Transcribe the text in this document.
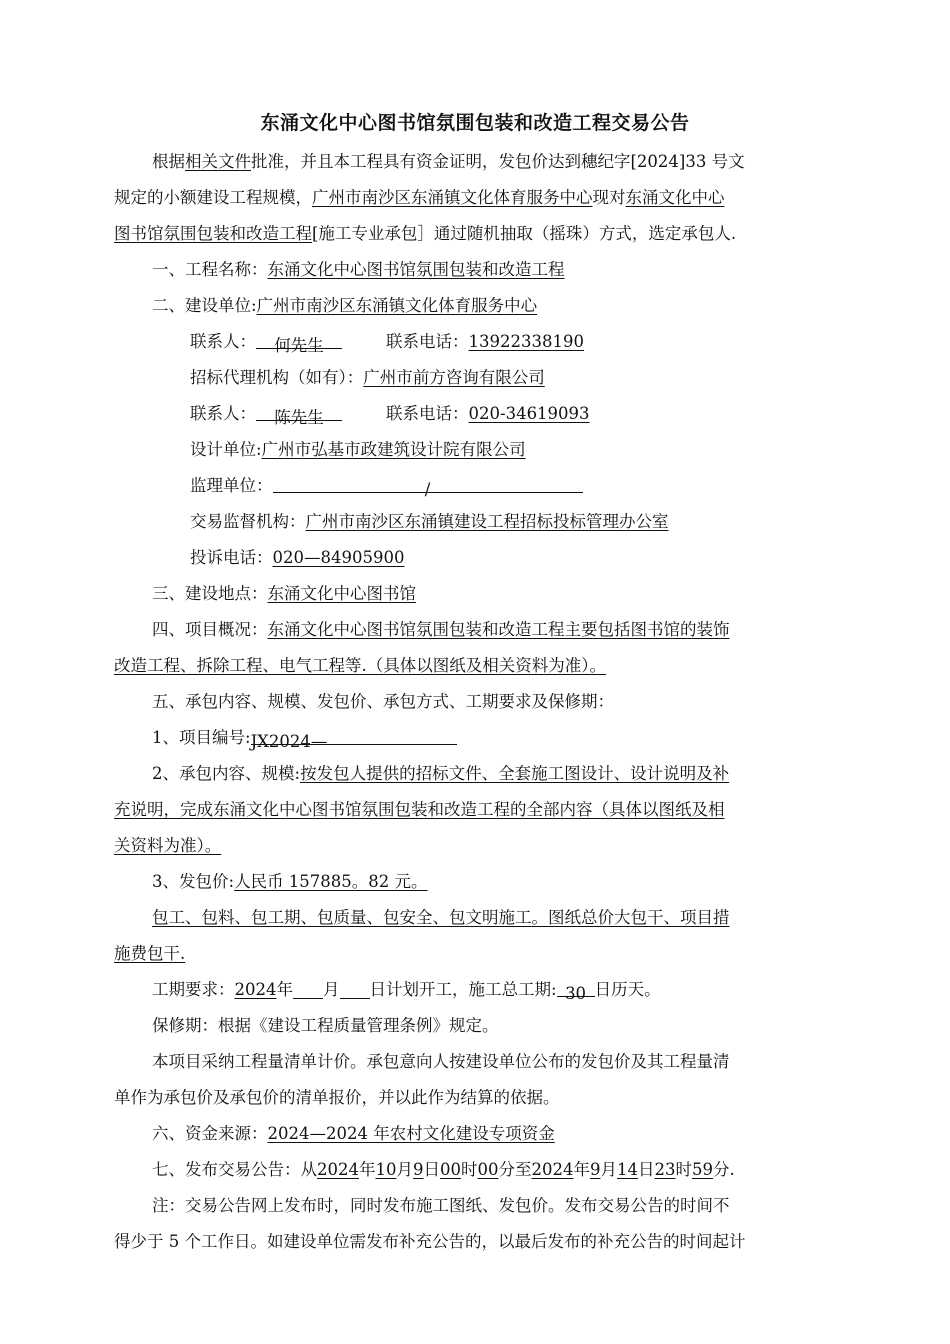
东涌文化中心图书馆氛围包装和改造工程交易公告
根据相关文件批准，并且本工程具有资金证明，发包价达到穗纪字[2024]33 号文
规定的小额建设工程规模，广州市南沙区东涌镇文化体育服务中心现对东涌文化中心
图书馆氛围包装和改造工程[施工专业承包］通过随机抽取（摇珠）方式，选定承包人.
一、工程名称：东涌文化中心图书馆氛围包装和改造工程
二、建设单位:广州市南沙区东涌镇文化体育服务中心
联系人： 何先生	联系电话：13922338190
招标代理机构（如有）：广州市前方咨询有限公司
联系人： 陈先生	联系电话：020-34619093
设计单位:广州市弘基市政建筑设计院有限公司
监理单位：	/
交易监督机构：广州市南沙区东涌镇建设工程招标投标管理办公室
投诉电话：020—84905900
三、建设地点：东涌文化中心图书馆
四、项目概况：东涌文化中心图书馆氛围包装和改造工程主要包括图书馆的装饰
改造工程、拆除工程、电气工程等.（具体以图纸及相关资料为准）。
五、承包内容、规模、发包价、承包方式、工期要求及保修期：
1、项目编号:JX2024—
2、承包内容、规模:按发包人提供的招标文件、全套施工图设计、设计说明及补
充说明，完成东涌文化中心图书馆氛围包装和改造工程的全部内容（具体以图纸及相
关资料为准）。
3、发包价:人民币 157885。82 元。
包工、包料、包工期、包质量、包安全、包文明施工。图纸总价大包干、项目措
施费包干.
工期要求：2024年 月 日计划开工，施工总工期: 30 日历天。
保修期：根据《建设工程质量管理条例》规定。
本项目采纳工程量清单计价。承包意向人按建设单位公布的发包价及其工程量清
单作为承包价及承包价的清单报价，并以此作为结算的依据。
六、资金来源：2024—2024 年农村文化建设专项资金
七、发布交易公告：从2024年10月9日00时00分至2024年9月14日23时59分.
注：交易公告网上发布时，同时发布施工图纸、发包价。发布交易公告的时间不
得少于 5 个工作日。如建设单位需发布补充公告的，以最后发布的补充公告的时间起计
